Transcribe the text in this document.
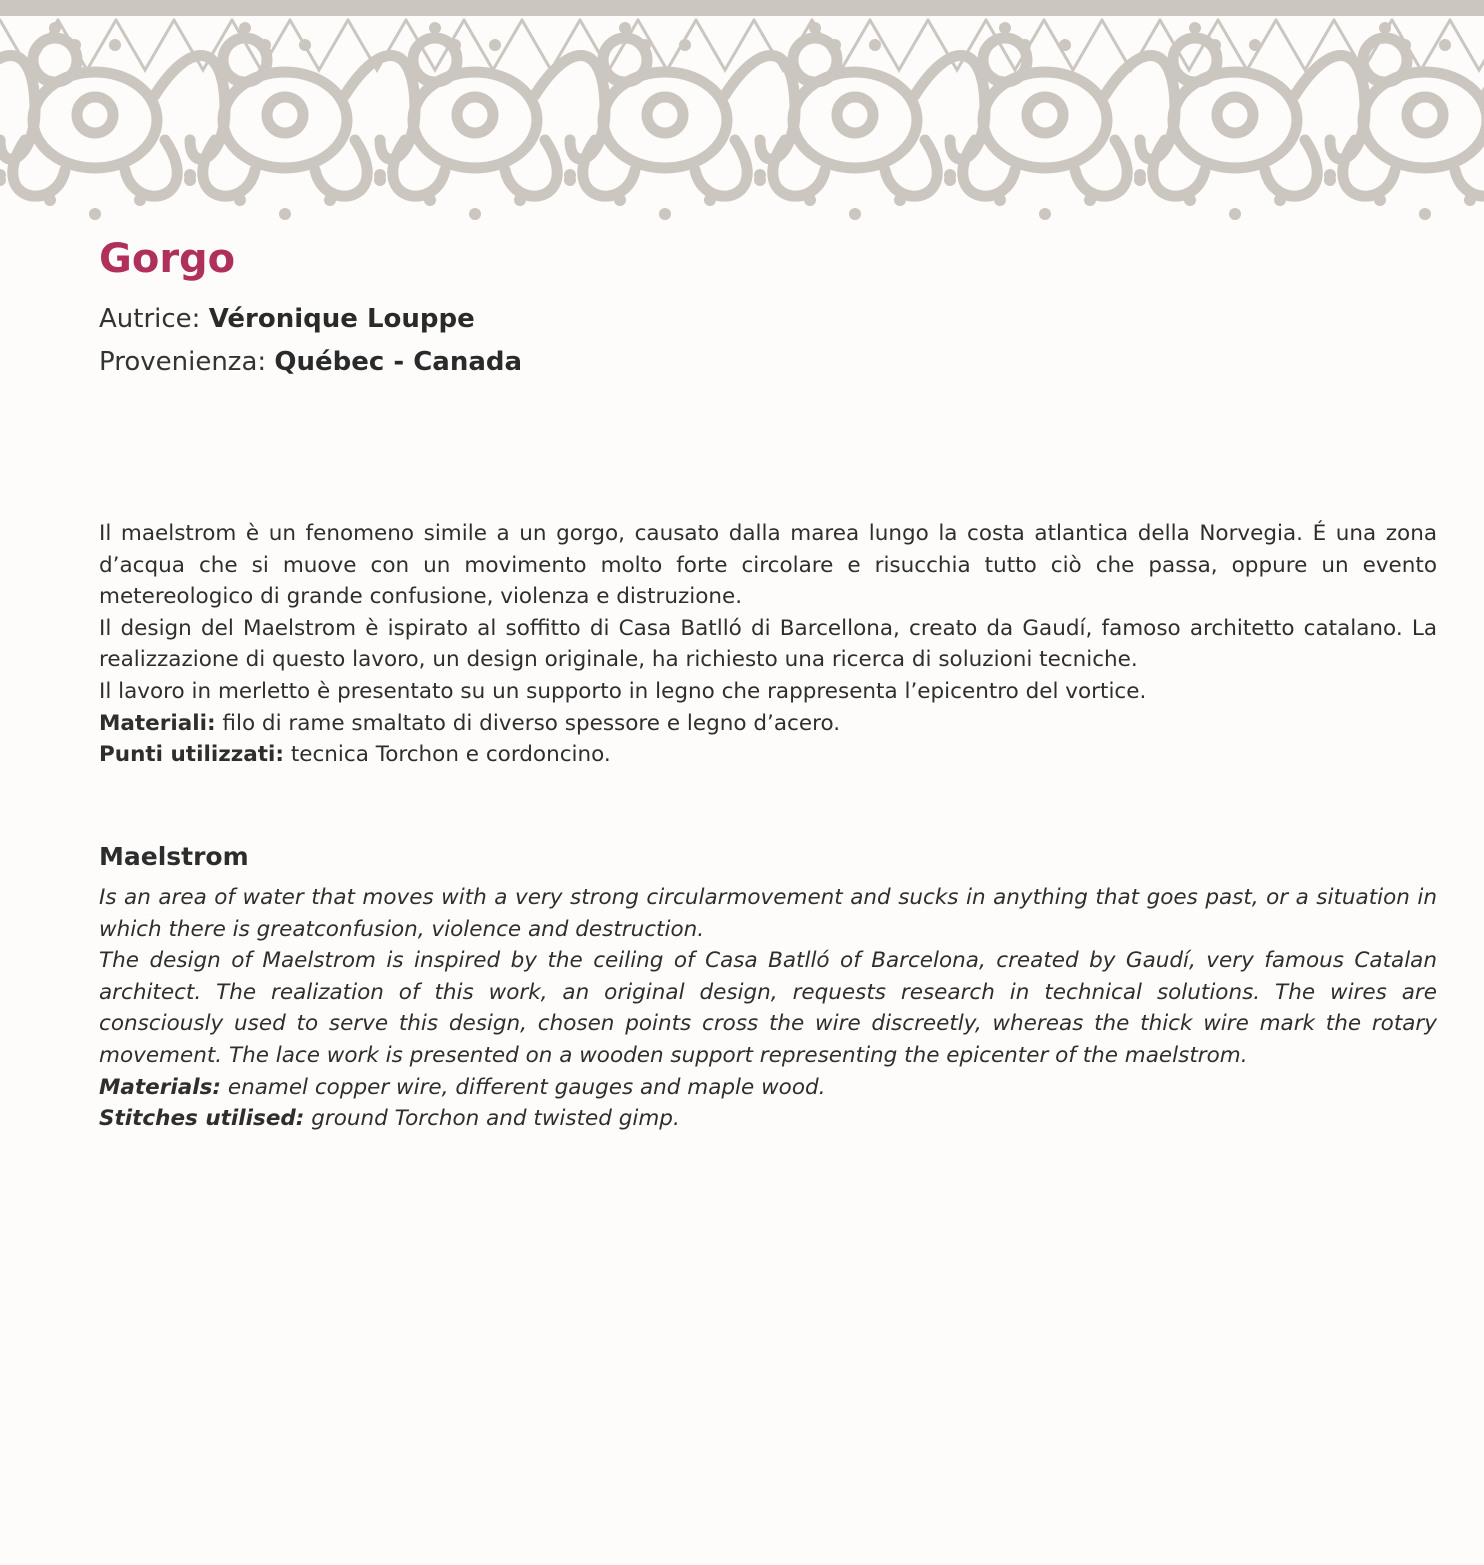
Gorgo
Autrice: Véronique Louppe
Provenienza: Québec - Canada

Il maelstrom è un fenomeno simile a un gorgo, causato dalla marea lungo la costa atlantica della Norvegia. É una zona d’acqua che si muove con un movimento molto forte circolare e risucchia tutto ciò che passa, oppure un evento metereologico di grande confusione, violenza e distruzione.

Il design del Maelstrom è ispirato al soffitto di Casa Batlló di Barcellona, creato da Gaudí, famoso architetto catalano. La realizzazione di questo lavoro, un design originale, ha richiesto una ricerca di soluzioni tecniche.

Il lavoro in merletto è presentato su un supporto in legno che rappresenta l’epicentro del vortice.

Materiali: filo di rame smaltato di diverso spessore e legno d’acero.

Punti utilizzati: tecnica Torchon e cordoncino.

Maelstrom

Is an area of water that moves with a very strong circularmovement and sucks in anything that goes past, or a situation in which there is greatconfusion, violence and destruction.

The design of Maelstrom is inspired by the ceiling of Casa Batlló of Barcelona, created by Gaudí, very famous Catalan architect. The realization of this work, an original design, requests research in technical solutions. The wires are consciously used to serve this design, chosen points cross the wire discreetly, whereas the thick wire mark the rotary movement. The lace work is presented on a wooden support representing the epicenter of the maelstrom.

Materials: enamel copper wire, different gauges and maple wood.

Stitches utilised: ground Torchon and twisted gimp.
